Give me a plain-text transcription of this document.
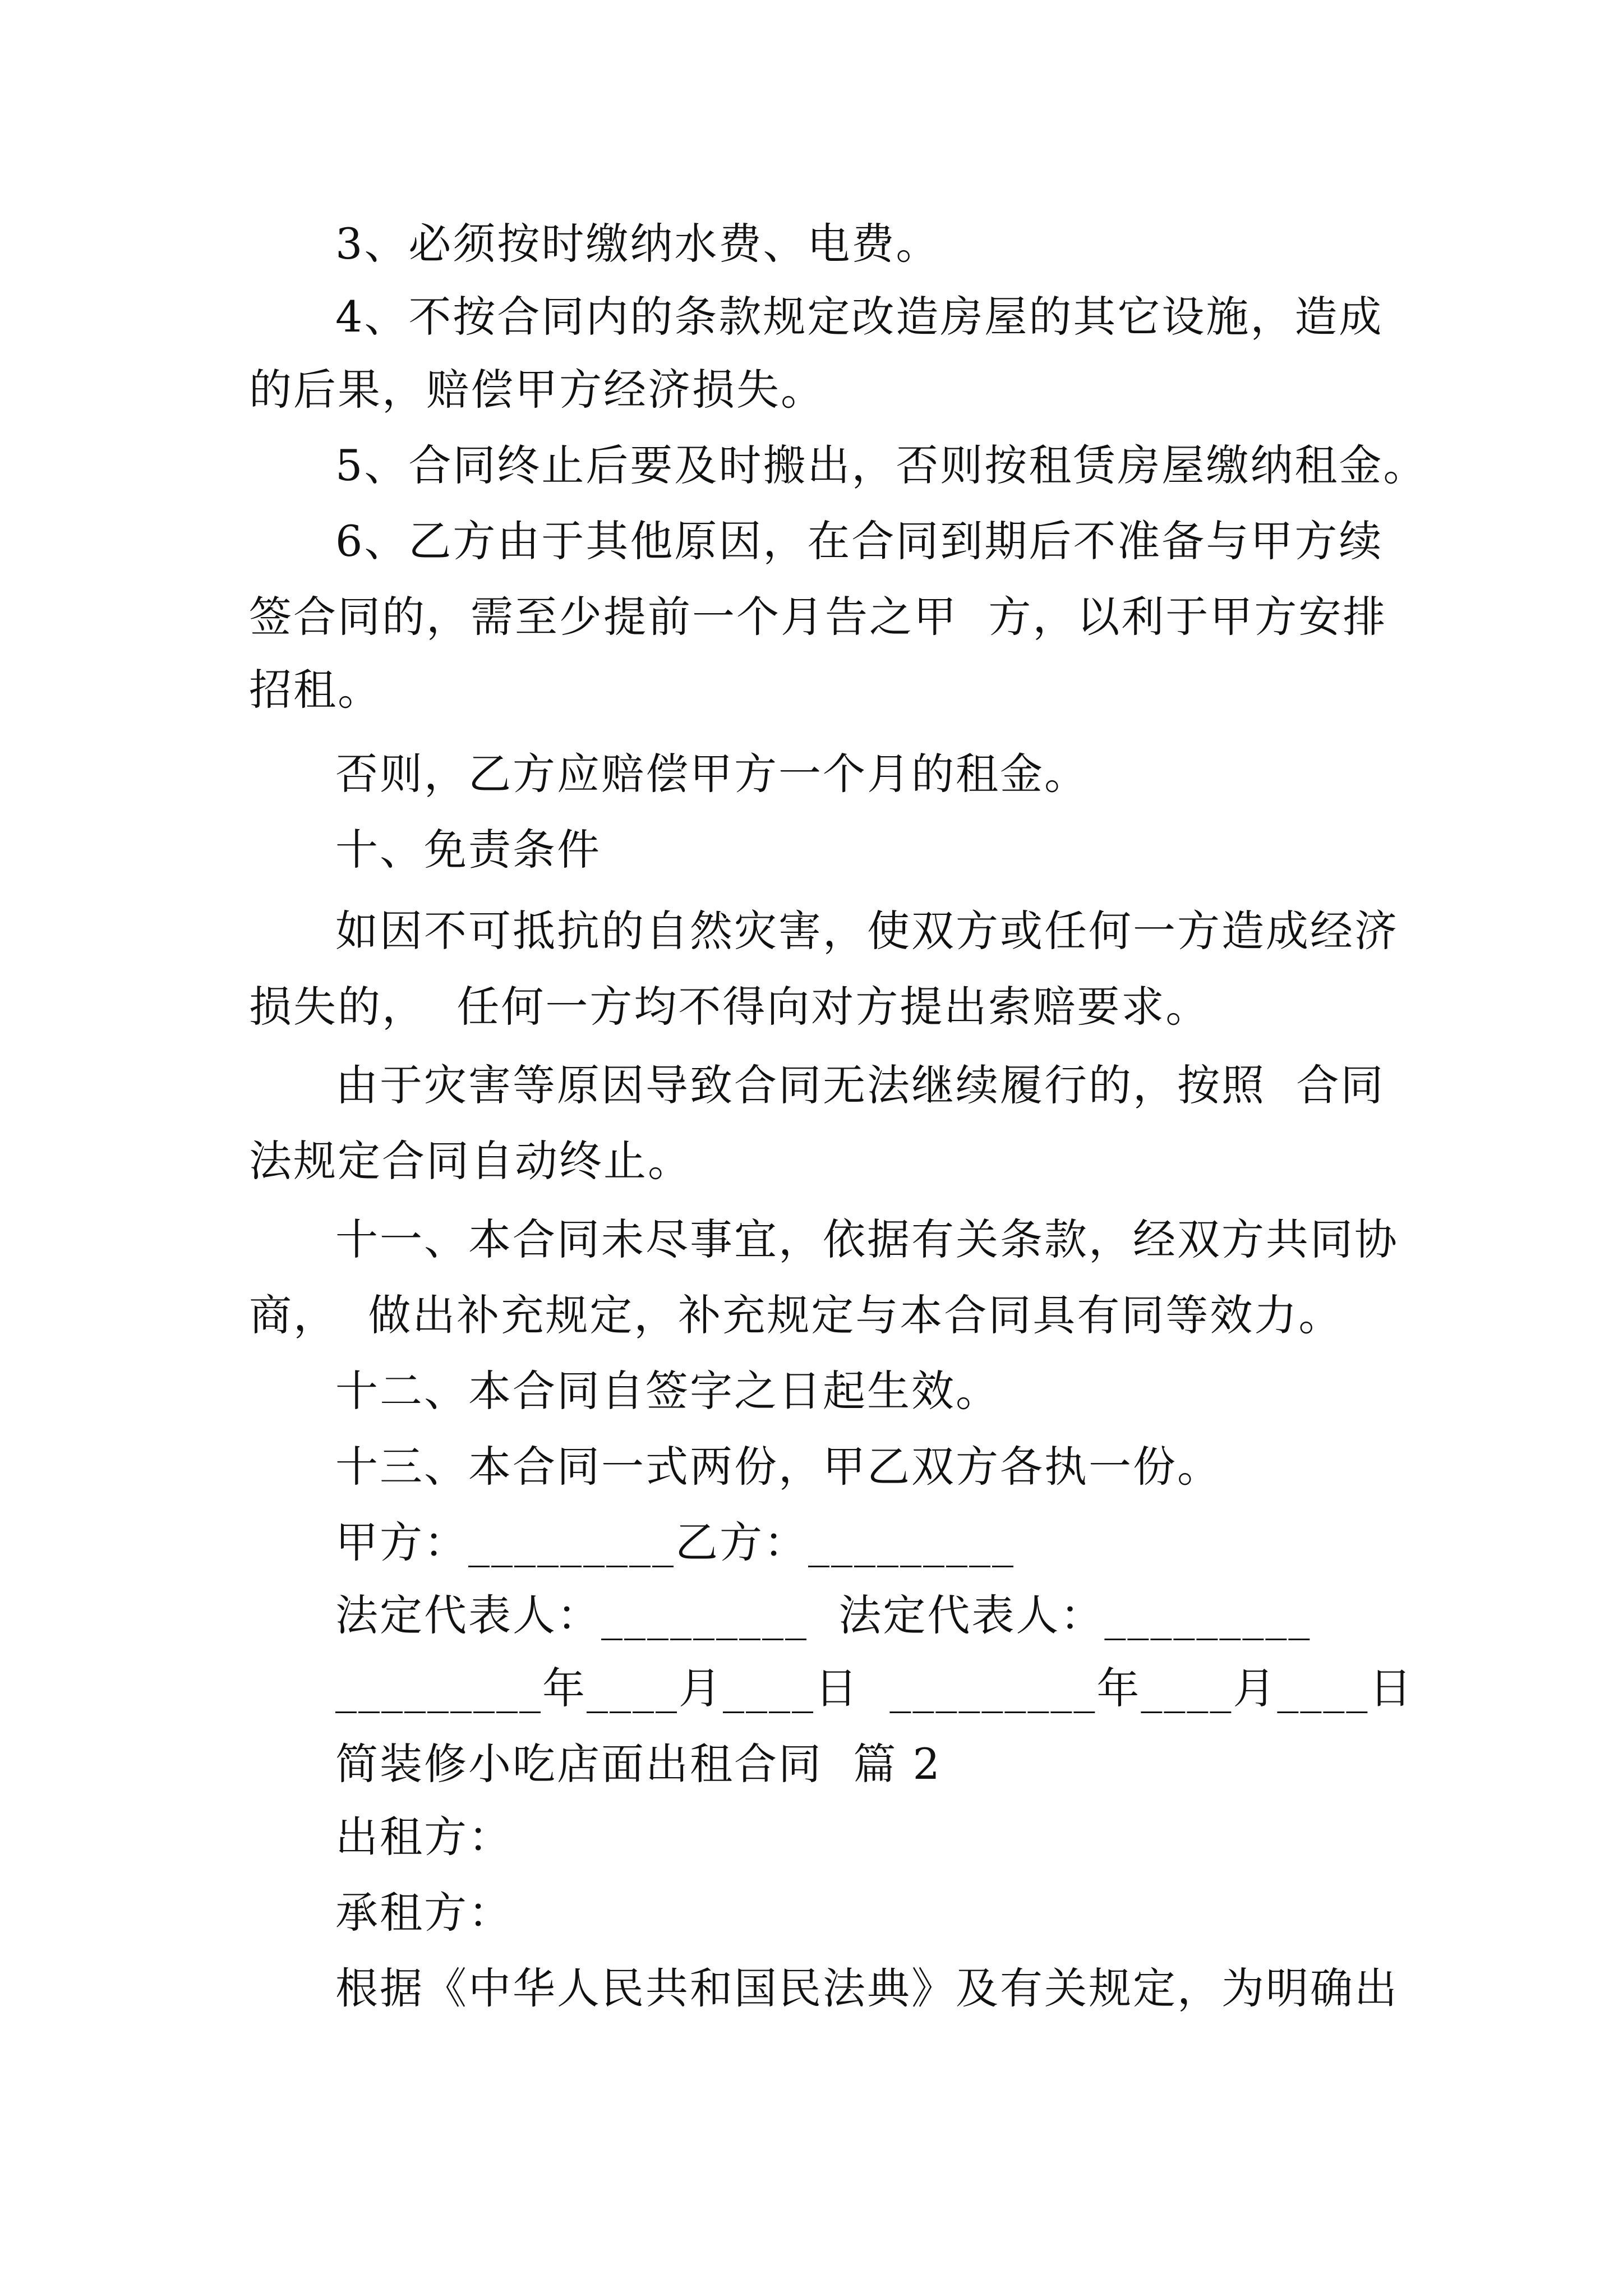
3、必须按时缴纳水费、电费。
4、不按合同内的条款规定改造房屋的其它设施，造成
的后果，赔偿甲方经济损失。
5、合同终止后要及时搬出，否则按租赁房屋缴纳租金。
6、乙方由于其他原因，在合同到期后不准备与甲方续
签合同的，需至少提前一个月告之甲  方，以利于甲方安排
招租。
否则，乙方应赔偿甲方一个月的租金。
十、免责条件
如因不可抵抗的自然灾害，使双方或任何一方造成经济
损失的，  任何一方均不得向对方提出索赔要求。
由于灾害等原因导致合同无法继续履行的，按照  合同
法规定合同自动终止。
十一、本合同未尽事宜，依据有关条款，经双方共同协
商，  做出补充规定，补充规定与本合同具有同等效力。
十二、本合同自签字之日起生效。
十三、本合同一式两份，甲乙双方各执一份。
甲方：_________乙方：_________
法定代表人：_________  法定代表人：_________
_________年____月____日  _________年____月____日
简装修小吃店面出租合同  篇 2
出租方：
承租方：
根据《中华人民共和国民法典》及有关规定，为明确出
